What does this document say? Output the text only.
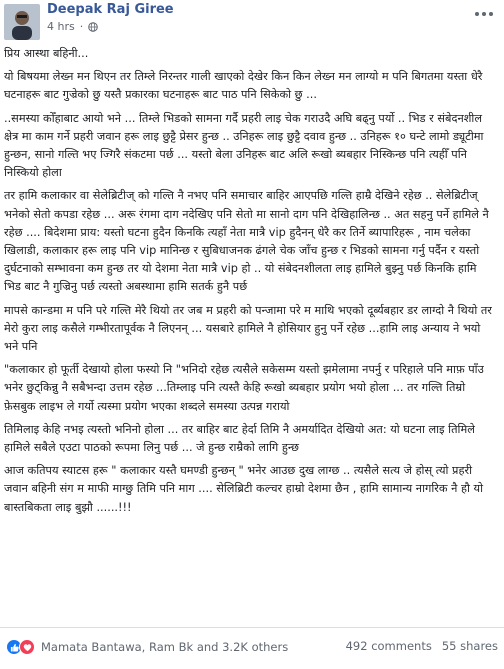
Deepak Raj Giree
4 hrs ·

प्रिय आस्था बहिनी...

यो बिषयमा लेख्न मन थिएन तर तिम्ले निरन्तर गाली खाएको देखेर किन किन लेख्न मन लाग्यो म पनि बिगतमा यस्ता धेरै घटनाहरू बाट गुज्रेको छु यस्तै प्रकारका घटनाहरू बाट पाठ पनि सिकेको छु ...

..समस्या कोँहाबाट आयो भने ... तिम्ले भिडको सामना गर्दै प्रहरी लाइ चेक गराउदै अघि बढ्नु पर्यो .. भिड र संबेदनशील क्षेत्र मा काम गर्ने प्रहरी जवान हरू लाइ छुट्टै प्रेसर हुन्छ .. उनिहरू लाइ छुट्टै दवाव हुन्छ .. उनिहरू १० घन्टे लामो ड्यूटीमा हुन्छन, सानो गल्ति भए ज्‍गिरै संकटमा पर्छ ... यस्तो बेला उनिहरू बाट अलि रूखो ब्यबहार निस्किन्छ पनि त्यहीँ पनि निस्कियो होला

तर हामि कलाकार वा सेलेब्रिटीज् को गल्ति नै नभए पनि समाचार बाहिर आएपछि गल्ति हाम्रै देखिने रहेछ .. सेलेब्रिटीज् भनेको सेतो कपडा रहेछ ... अरू रंगमा दाग नदेखिए पनि सेतो मा सानो दाग पनि देखिहालिन्छ .. अत सहनु पर्ने हामिले नै रहेछ .... बिदेशमा प्राय: यस्तो घटना हुदैन किनकि त्यहाँ नेता मात्रै vip हुदैनन् धेरै कर तिर्ने ब्यापारिहरू , नाम चलेका खिलाडी, कलाकार हरू लाइ पनि vip मानिन्छ र सुबिधाजनक ढंगले चेक जाँच हुन्छ र भिडको सामना गर्नु पर्दैन र यस्तो दुर्घटनाको सम्भावना कम हुन्छ तर यो देशमा नेता मात्रै vip हो .. यो संबेदनशीलता लाइ हामिले बुझ्नु पर्छ किनकि हामि भिड बाट नै गुज्रिनु पर्छ त्यस्तो अबस्थामा हामि सतर्क हुनै पर्छ

मापसे कान्डमा म पनि परे गल्ति मेरै थियो तर जब म प्रहरी को पन्जामा परे म माथि भएको दूर्ब्यबहार डर लाग्दो नै थियो तर मेरो कुरा लाइ कसैले गम्भीरतापूर्वक नै लिएनन् ... यसबारे हामिले नै होसियार हुनु पर्ने रहेछ ...हामि लाइ अन्याय ने भयो भने पनि

"कलाकार हो फूर्ती देखायो होला फस्यो नि "भनिदो रहेछ त्यसैले सकेसम्म यस्तो झमेलामा नपर्नु र परिहाले पनि माफ़ पाँउ भनेर छुट्किन्नु नै सबैभन्दा उत्तम रहेछ ...तिम्लाइ पनि त्यस्तै केहि रूखो ब्यबहार प्रयोग भयो होला ... तर गल्ति तिम्रो फ़ेसबुक लाइभ ले गर्यो त्यस्मा प्रयोग भएका शब्दले समस्या उत्पन्न गरायो

तिमिलाइ केहि नभइ त्यस्तो भनिनो होला ... तर बाहिर बाट हेर्दा तिमि नै अमर्यादित देखियो अत: यो घटना लाइ तिमिले हामिले सबैले एउटा पाठको रूपमा लिनु पर्छ ... जे हुन्छ राम्रैको लागि हुन्छ

आज कतिपय स्याटस हरू " कलाकार यस्तै घमण्डी हुन्छन् " भनेर आउछ दुख लाग्छ .. त्यसैले सत्य जे होस् त्यो प्रहरी जवान बहिनी संग म माफी माग्छु तिमि पनि माग .... सेलिब्रिटी कल्चर हाम्रो देशमा छैन , हामि सामान्य नागरिक नै हौ यो बास्तबिकता लाइ बुझौ ......!!!

Mamata Bantawa, Ram Bk and 3.2K others	492 comments 55 shares
